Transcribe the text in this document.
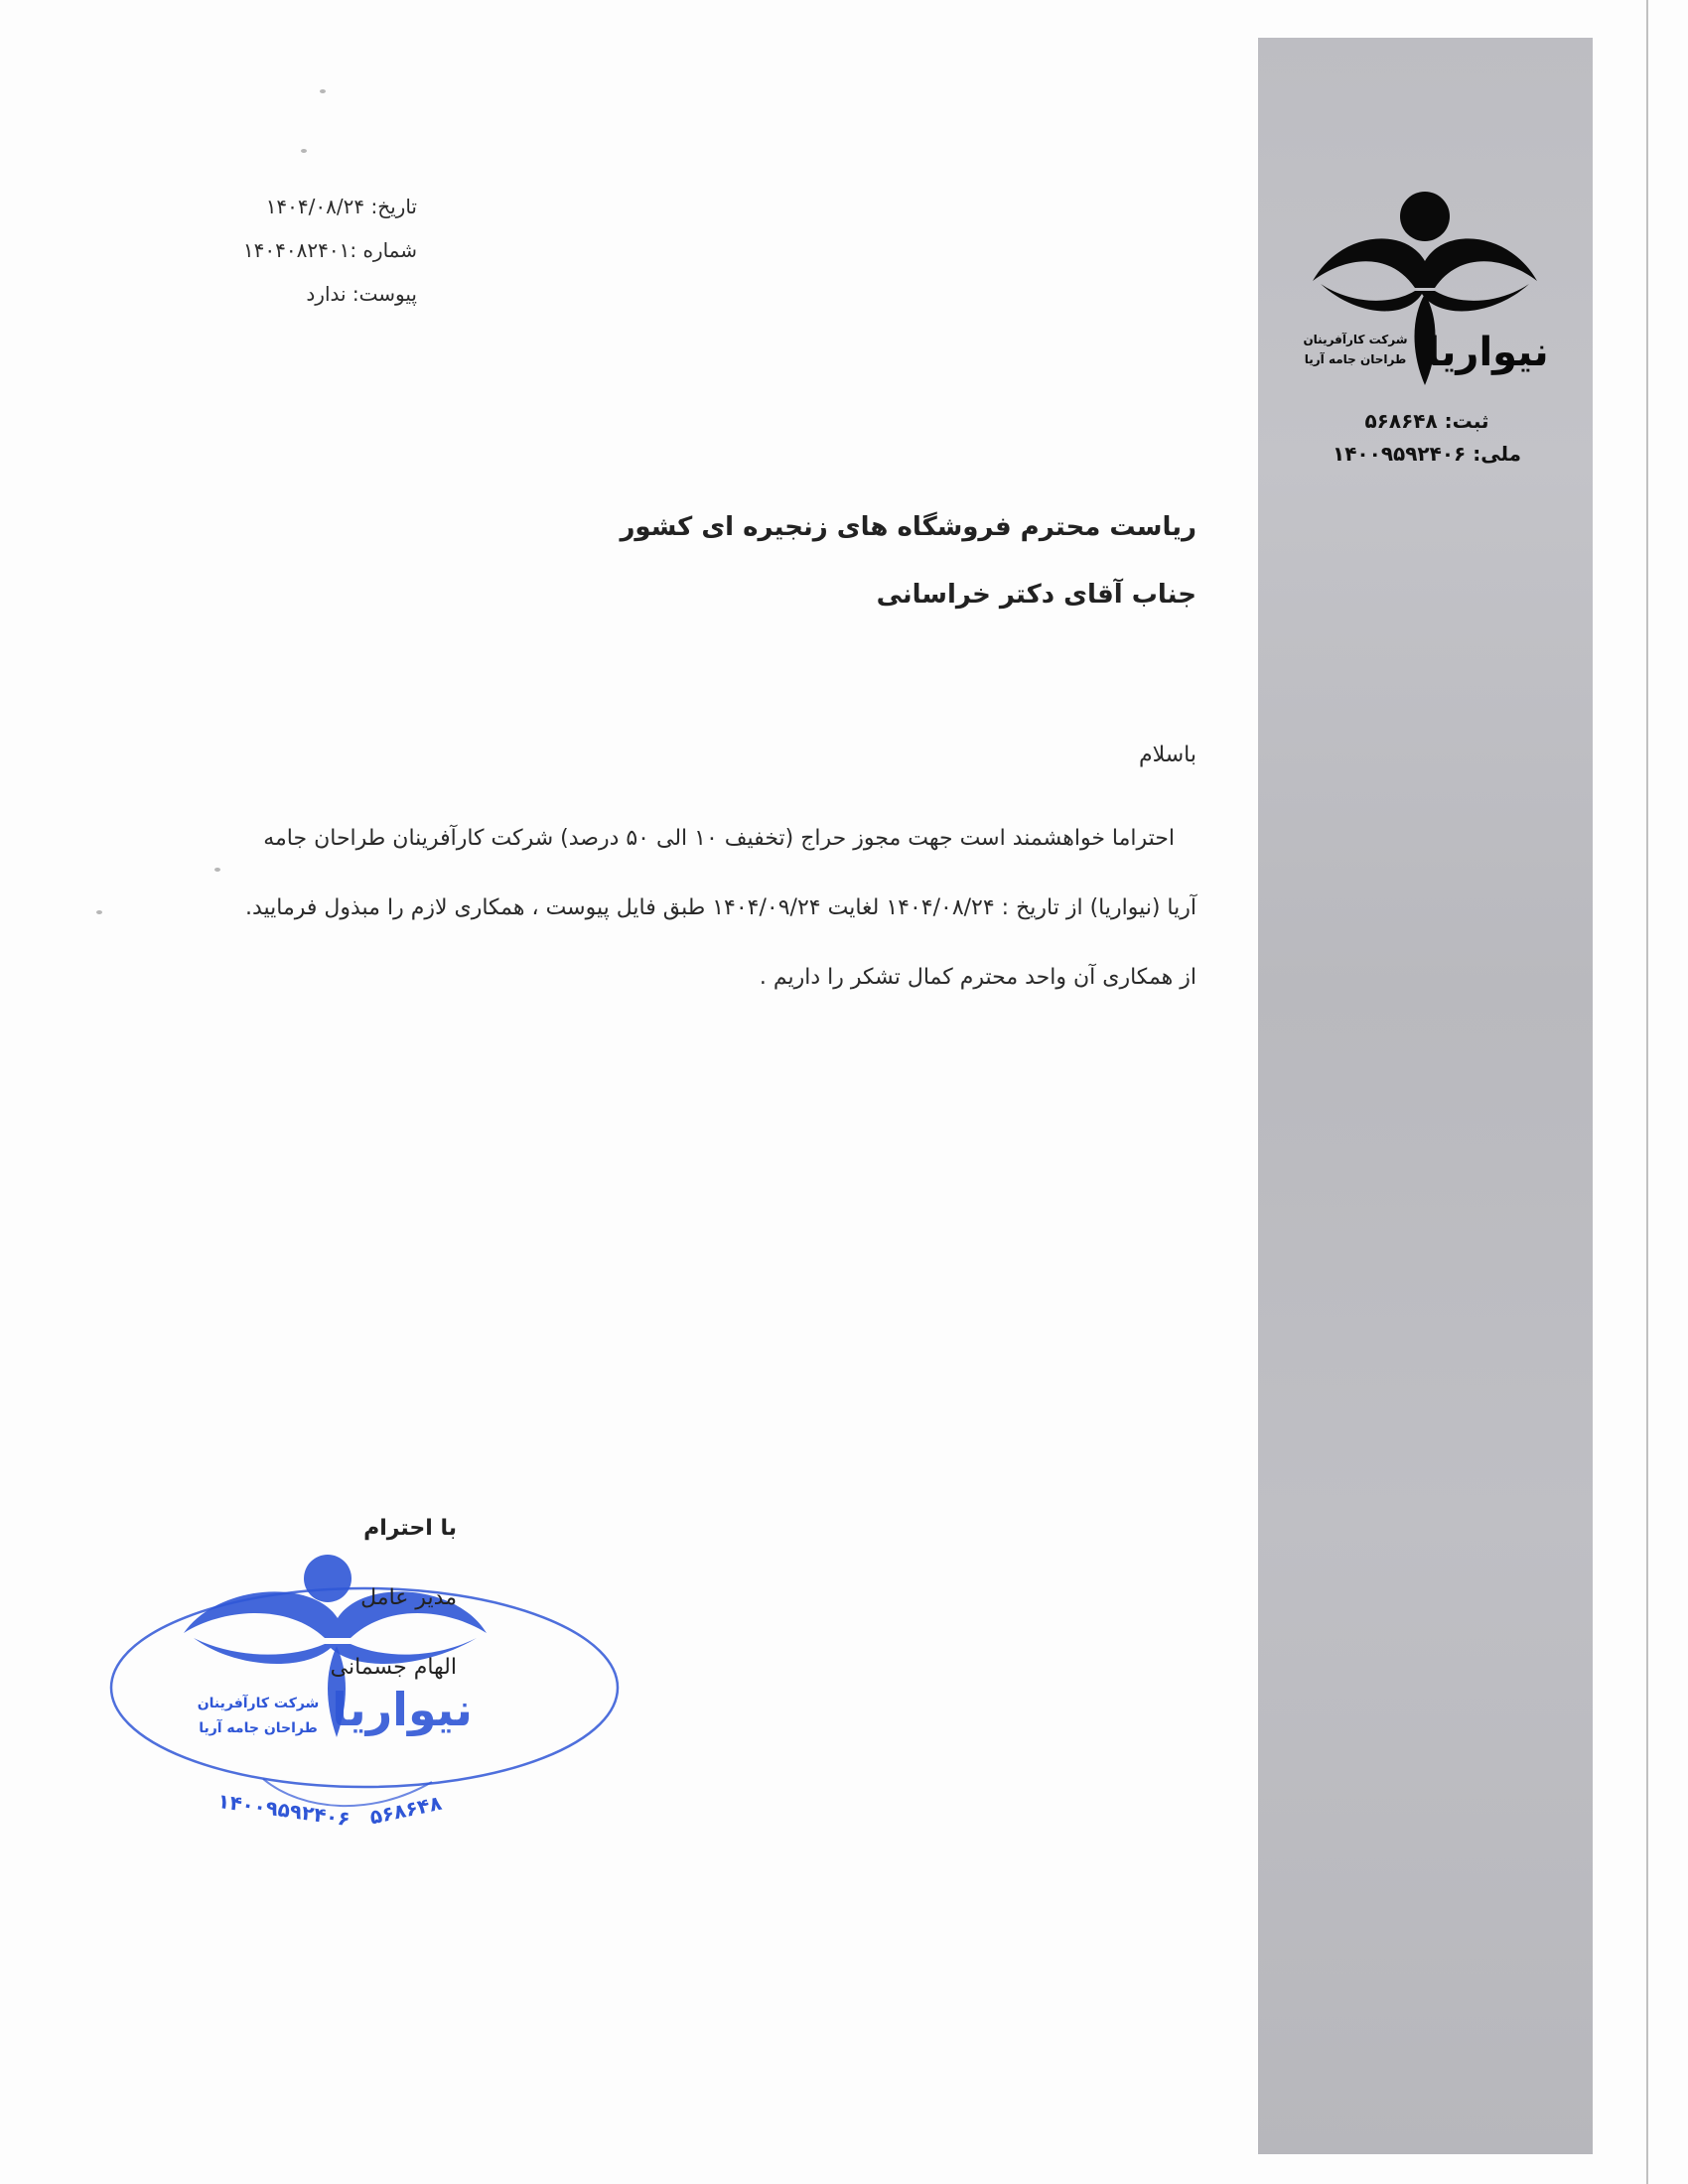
نیواریا
شرکت کارآفرینان
طراحان جامه آریا
ثبت: ۵۶۸۶۴۸
ملی: ۱۴۰۰۹۵۹۲۴۰۶
تاریخ: ۱۴۰۴/۰۸/۲۴
شماره :۱۴۰۴۰۸۲۴۰۱
پیوست: ندارد
ریاست محترم فروشگاه های زنجیره ای کشور
جناب آقای دکتر خراسانی
باسلام

احتراما خواهشمند است جهت مجوز حراج (تخفیف ۱۰ الی ۵۰ درصد) شرکت کارآفرینان طراحان جامه

آریا (نیواریا) از تاریخ : ۱۴۰۴/۰۸/۲۴ لغایت ۱۴۰۴/۰۹/۲۴ طبق فایل پیوست ، همکاری لازم را مبذول فرمایید.

از همکاری آن واحد محترم کمال تشکر را داریم .

نیواریا
شرکت کارآفرینان
طراحان جامه آریا
۱۴۰۰۹۵۹۲۴۰۶ ۵۶۸۶۴۸
با احترام
مدیر عامل
الهام جسمانی
